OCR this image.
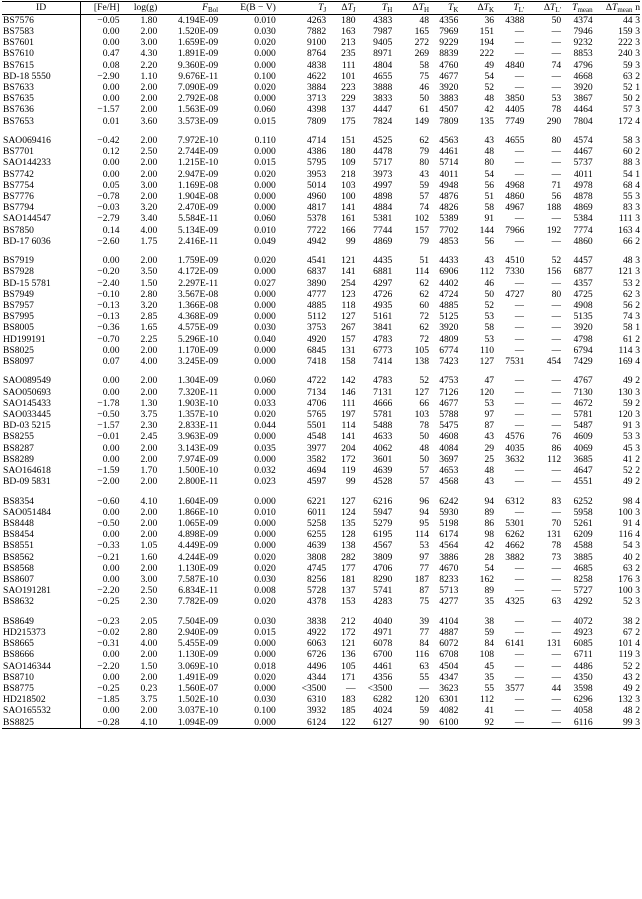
ID	[Fe/H]	log(g)	$F_{Bol}$	E(B − V)	$T_J$	$\Delta T_J$	$T_H$	$\Delta T_H$	$T_K$	$\Delta T_K$	$T_{L'}$	$\Delta T_{L'}$	$T_{mean}$	$\Delta T_{mean}$	n
BS7576	−0.05	1.80	4.194E-09	0.010	4263	180	4383	48	4356	36	4388	50	4374	44	3
BS7583	0.00	2.00	1.520E-09	0.030	7882	163	7987	165	7969	151	—	—	7946	159	3
BS7601	0.00	3.00	1.659E-09	0.020	9100	213	9405	272	9229	194	—	—	9232	222	3
BS7610	0.47	4.30	1.891E-09	0.000	8764	235	8971	269	8839	222	—	—	8853	240	3
BS7615	0.08	2.20	9.360E-09	0.000	4838	111	4804	58	4760	49	4840	74	4796	59	3
BD-18 5550	−2.90	1.10	9.676E-11	0.100	4622	101	4655	75	4677	54	—	—	4668	63	2
BS7633	0.00	2.00	7.090E-09	0.020	3884	223	3888	46	3920	52	—	—	3920	52	1
BS7635	0.00	2.00	2.792E-08	0.000	3713	229	3833	50	3883	48	3850	53	3867	50	2
BS7636	−1.57	2.00	1.563E-09	0.060	4398	137	4447	61	4507	42	4405	78	4464	57	3
BS7653	0.01	3.60	3.573E-09	0.015	7809	175	7824	149	7809	135	7749	290	7804	172	4

SAO069416	−0.42	2.00	7.972E-10	0.110	4714	151	4525	62	4563	43	4655	80	4574	58	3
BS7701	0.12	2.50	2.744E-09	0.000	4386	180	4478	79	4461	48	—	—	4467	60	2
SAO144233	0.00	2.00	1.215E-10	0.015	5795	109	5717	80	5714	80	—	—	5737	88	3
BS7742	0.00	2.00	2.947E-09	0.020	3953	218	3973	43	4011	54	—	—	4011	54	1
BS7754	0.05	3.00	1.169E-08	0.000	5014	103	4997	59	4948	56	4968	71	4978	68	4
BS7776	−0.78	2.00	1.904E-08	0.000	4960	100	4898	57	4876	51	4860	56	4878	55	3
BS7794	−0.03	3.20	2.470E-09	0.000	4817	141	4884	74	4826	58	4967	188	4869	83	3
SAO144547	−2.79	3.40	5.584E-11	0.060	5378	161	5381	102	5389	91	—	—	5384	111	3
BS7850	0.14	4.00	5.134E-09	0.010	7722	166	7744	157	7702	144	7966	192	7774	163	4
BD-17 6036	−2.60	1.75	2.416E-11	0.049	4942	99	4869	79	4853	56	—	—	4860	66	2

BS7919	0.00	2.00	1.759E-09	0.020	4541	121	4435	51	4433	43	4510	52	4457	48	3
BS7928	−0.20	3.50	4.172E-09	0.000	6837	141	6881	114	6906	112	7330	156	6877	121	3
BD-15 5781	−2.40	1.50	2.297E-11	0.027	3890	254	4297	62	4402	46	—	—	4357	53	2
BS7949	−0.10	2.80	3.567E-08	0.000	4777	123	4726	62	4724	50	4727	80	4725	62	3
BS7957	−0.13	3.20	1.366E-08	0.000	4885	118	4935	60	4885	52	—	—	4908	56	2
BS7995	−0.13	2.85	4.368E-09	0.000	5112	127	5161	72	5125	53	—	—	5135	74	3
BS8005	−0.36	1.65	4.575E-09	0.030	3753	267	3841	62	3920	58	—	—	3920	58	1
HD199191	−0.70	2.25	5.296E-10	0.040	4920	157	4783	72	4809	53	—	—	4798	61	2
BS8025	0.00	2.00	1.170E-09	0.000	6845	131	6773	105	6774	110	—	—	6794	114	3
BS8097	0.07	4.00	3.245E-09	0.000	7418	158	7414	138	7423	127	7531	454	7429	169	4

SAO089549	0.00	2.00	1.304E-09	0.060	4722	142	4783	52	4753	47	—	—	4767	49	2
SAO050693	0.00	2.00	7.320E-11	0.000	7134	146	7131	127	7126	120	—	—	7130	130	3
SAO145433	−1.78	1.30	1.903E-10	0.033	4706	111	4666	66	4677	53	—	—	4672	59	2
SAO033445	−0.50	3.75	1.357E-10	0.020	5765	197	5781	103	5788	97	—	—	5781	120	3
BD-03 5215	−1.57	2.30	2.833E-11	0.044	5501	114	5488	78	5475	87	—	—	5487	91	3
BS8255	−0.01	2.45	3.963E-09	0.000	4548	141	4633	50	4608	43	4576	76	4609	53	3
BS8287	0.00	2.00	3.143E-09	0.035	3977	204	4062	48	4084	29	4035	86	4069	45	3
BS8289	0.00	2.00	7.974E-09	0.000	3582	172	3601	50	3697	25	3632	112	3685	41	2
SAO164618	−1.59	1.70	1.500E-10	0.032	4694	119	4639	57	4653	48	—	—	4647	52	2
BD-09 5831	−2.00	2.00	2.800E-11	0.023	4597	99	4528	57	4568	43	—	—	4551	49	2

BS8354	−0.60	4.10	1.604E-09	0.000	6221	127	6216	96	6242	94	6312	83	6252	98	4
SAO051484	0.00	2.00	1.866E-10	0.010	6011	124	5947	94	5930	89	—	—	5958	100	3
BS8448	−0.50	2.00	1.065E-09	0.000	5258	135	5279	95	5198	86	5301	70	5261	91	4
BS8454	0.00	2.00	4.898E-09	0.000	6255	128	6195	114	6174	98	6262	131	6209	116	4
BS8551	−0.33	1.05	4.449E-09	0.000	4639	138	4567	53	4564	42	4662	78	4588	54	3
BS8562	−0.21	1.60	4.244E-09	0.020	3808	282	3809	97	3886	28	3882	73	3885	40	2
BS8568	0.00	2.00	1.130E-09	0.020	4745	177	4706	77	4670	54	—	—	4685	63	2
BS8607	0.00	3.00	7.587E-10	0.030	8256	181	8290	187	8233	162	—	—	8258	176	3
SAO191281	−2.20	2.50	6.834E-11	0.008	5728	137	5741	87	5713	89	—	—	5727	100	3
BS8632	−0.25	2.30	7.782E-09	0.020	4378	153	4283	75	4277	35	4325	63	4292	52	3

BS8649	−0.23	2.05	7.504E-09	0.030	3838	212	4040	39	4104	38	—	—	4072	38	2
HD215373	−0.02	2.80	2.940E-09	0.015	4922	172	4971	77	4887	59	—	—	4923	67	2
BS8665	−0.31	4.00	5.455E-09	0.000	6063	121	6078	84	6072	84	6141	131	6085	101	4
BS8666	0.00	2.00	1.130E-09	0.000	6726	136	6700	116	6708	108	—	—	6711	119	3
SAO146344	−2.20	1.50	3.069E-10	0.018	4496	105	4461	63	4504	45	—	—	4486	52	2
BS8710	0.00	2.00	1.491E-09	0.020	4344	171	4356	55	4347	35	—	—	4350	43	2
BS8775	−0.25	0.23	1.560E-07	0.000	<3500	—	<3500	—	3623	55	3577	44	3598	49	2
HD218502	−1.85	3.75	1.502E-10	0.030	6310	183	6282	120	6301	112	—	—	6296	132	3
SAO165532	0.00	2.00	3.037E-10	0.100	3932	185	4024	59	4082	41	—	—	4058	48	2
BS8825	−0.28	4.10	1.094E-09	0.000	6124	122	6127	90	6100	92	—	—	6116	99	3
